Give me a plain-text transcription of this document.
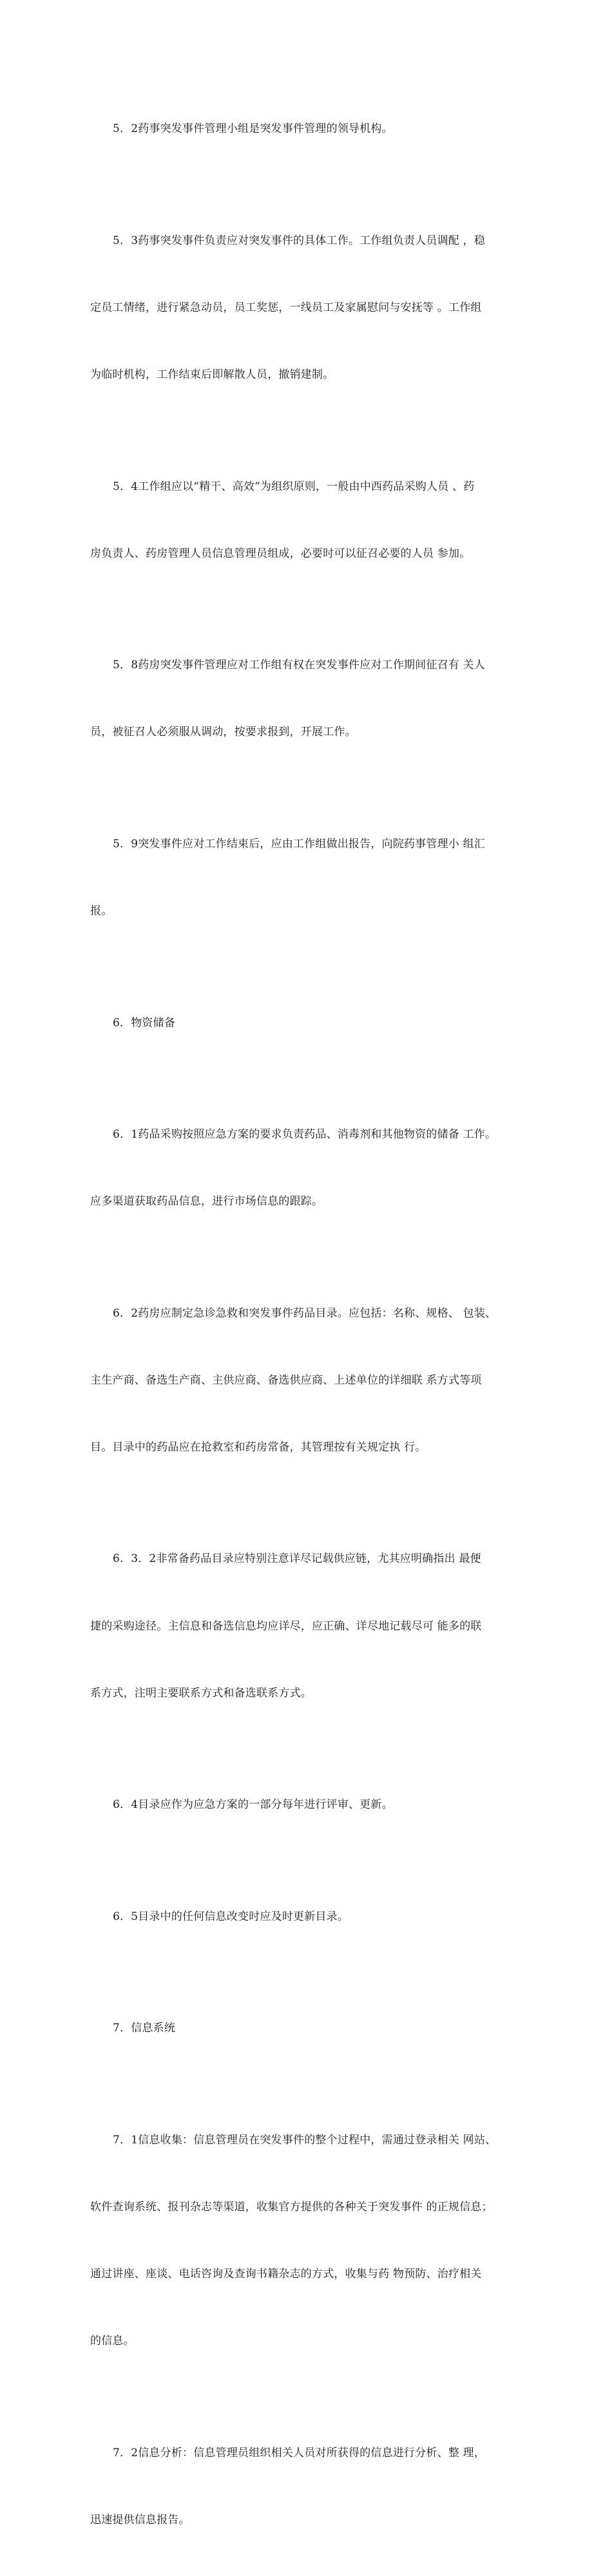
5．2药事突发事件管理小组是突发事件管理的领导机构。

5．3药事突发事件负责应对突发事件的具体工作。工作组负责人员调配 ，稳

定员工情绪，进行紧急动员，员工奖惩，一线员工及家属慰问与安抚等 。工作组

为临时机构，工作结束后即解散人员，撤销建制。

5．4工作组应以“精干、高效”为组织原则，一般由中西药品采购人员 、药

房负责人、药房管理人员信息管理员组成，必要时可以征召必要的人员 参加。

5．8药房突发事件管理应对工作组有权在突发事件应对工作期间征召有 关人

员，被征召人必须服从调动，按要求报到，开展工作。

5．9突发事件应对工作结束后，应由工作组做出报告，向院药事管理小 组汇

报。

6．物资储备

6．1药品采购按照应急方案的要求负责药品、消毒剂和其他物资的储备 工作。

应多渠道获取药品信息，进行市场信息的跟踪。

6．2药房应制定急诊急救和突发事件药品目录。应包括：名称、规格、 包装、

主生产商、备选生产商、主供应商、备选供应商、上述单位的详细联 系方式等项

目。目录中的药品应在抢救室和药房常备，其管理按有关规定执 行。

6．3．2非常备药品目录应特别注意详尽记载供应链，尤其应明确指出 最便

捷的采购途径。主信息和备选信息均应详尽，应正确、详尽地记载尽可 能多的联

系方式，注明主要联系方式和备选联系方式。

6．4目录应作为应急方案的一部分每年进行评审、更新。

6．5目录中的任何信息改变时应及时更新目录。

7．信息系统

7．1信息收集：信息管理员在突发事件的整个过程中，需通过登录相关 网站、

软件查询系统、报刊杂志等渠道，收集官方提供的各种关于突发事件 的正规信息；

通过讲座、座谈、电话咨询及查询书籍杂志的方式，收集与药 物预防、治疗相关

的信息。

7．2信息分析：信息管理员组织相关人员对所获得的信息进行分析、整 理，

迅速提供信息报告。
